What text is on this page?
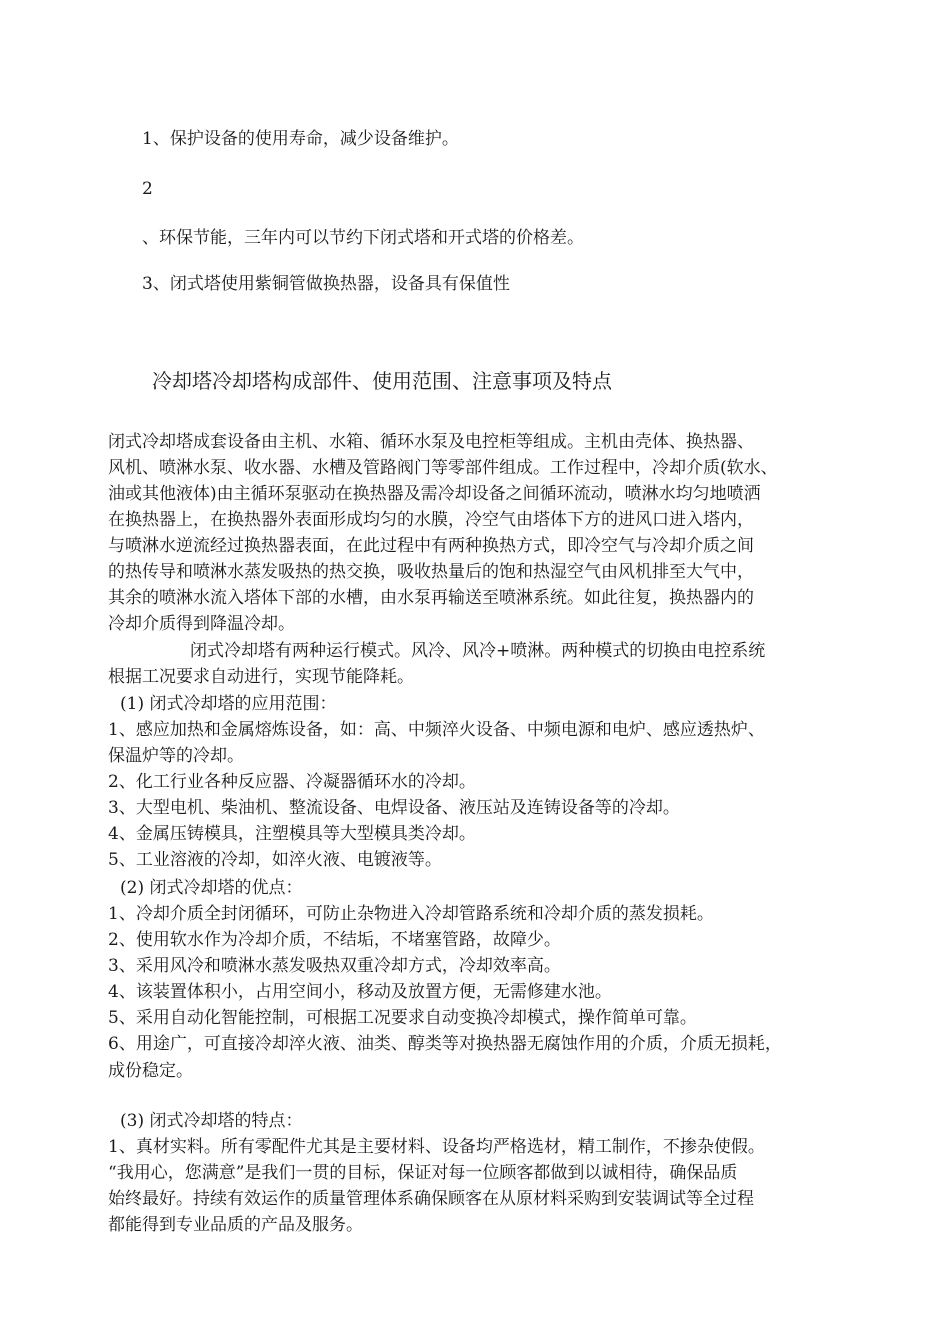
1、保护设备的使用寿命，减少设备维护。
2
、环保节能，三年内可以节约下闭式塔和开式塔的价格差。
3、闭式塔使用紫铜管做换热器，设备具有保值性
冷却塔冷却塔构成部件、使用范围、注意事项及特点
闭式冷却塔成套设备由主机、水箱、循环水泵及电控柜等组成。主机由壳体、换热器、
风机、喷淋水泵、收水器、水槽及管路阀门等零部件组成。工作过程中，冷却介质(软水、
油或其他液体)由主循环泵驱动在换热器及需冷却设备之间循环流动，喷淋水均匀地喷洒
在换热器上，在换热器外表面形成均匀的水膜，冷空气由塔体下方的进风口进入塔内，
与喷淋水逆流经过换热器表面，在此过程中有两种换热方式，即冷空气与冷却介质之间
的热传导和喷淋水蒸发吸热的热交换，吸收热量后的饱和热湿空气由风机排至大气中，
其余的喷淋水流入塔体下部的水槽，由水泵再输送至喷淋系统。如此往复，换热器内的
冷却介质得到降温冷却。
闭式冷却塔有两种运行模式。风冷、风冷+喷淋。两种模式的切换由电控系统
根据工况要求自动进行，实现节能降耗。
(1) 闭式冷却塔的应用范围：
1、感应加热和金属熔炼设备，如：高、中频淬火设备、中频电源和电炉、感应透热炉、
保温炉等的冷却。
2、化工行业各种反应器、冷凝器循环水的冷却。
3、大型电机、柴油机、整流设备、电焊设备、液压站及连铸设备等的冷却。
4、金属压铸模具，注塑模具等大型模具类冷却。
5、工业溶液的冷却，如淬火液、电镀液等。
(2) 闭式冷却塔的优点：
1、冷却介质全封闭循环，可防止杂物进入冷却管路系统和冷却介质的蒸发损耗。
2、使用软水作为冷却介质，不结垢，不堵塞管路，故障少。
3、采用风冷和喷淋水蒸发吸热双重冷却方式，冷却效率高。
4、该装置体积小，占用空间小，移动及放置方便，无需修建水池。
5、采用自动化智能控制，可根据工况要求自动变换冷却模式，操作简单可靠。
6、用途广，可直接冷却淬火液、油类、醇类等对换热器无腐蚀作用的介质，介质无损耗，
成份稳定。
(3) 闭式冷却塔的特点：
1、真材实料。所有零配件尤其是主要材料、设备均严格选材，精工制作，不掺杂使假。
“我用心，您满意”是我们一贯的目标，保证对每一位顾客都做到以诚相待，确保品质
始终最好。持续有效运作的质量管理体系确保顾客在从原材料采购到安装调试等全过程
都能得到专业品质的产品及服务。
